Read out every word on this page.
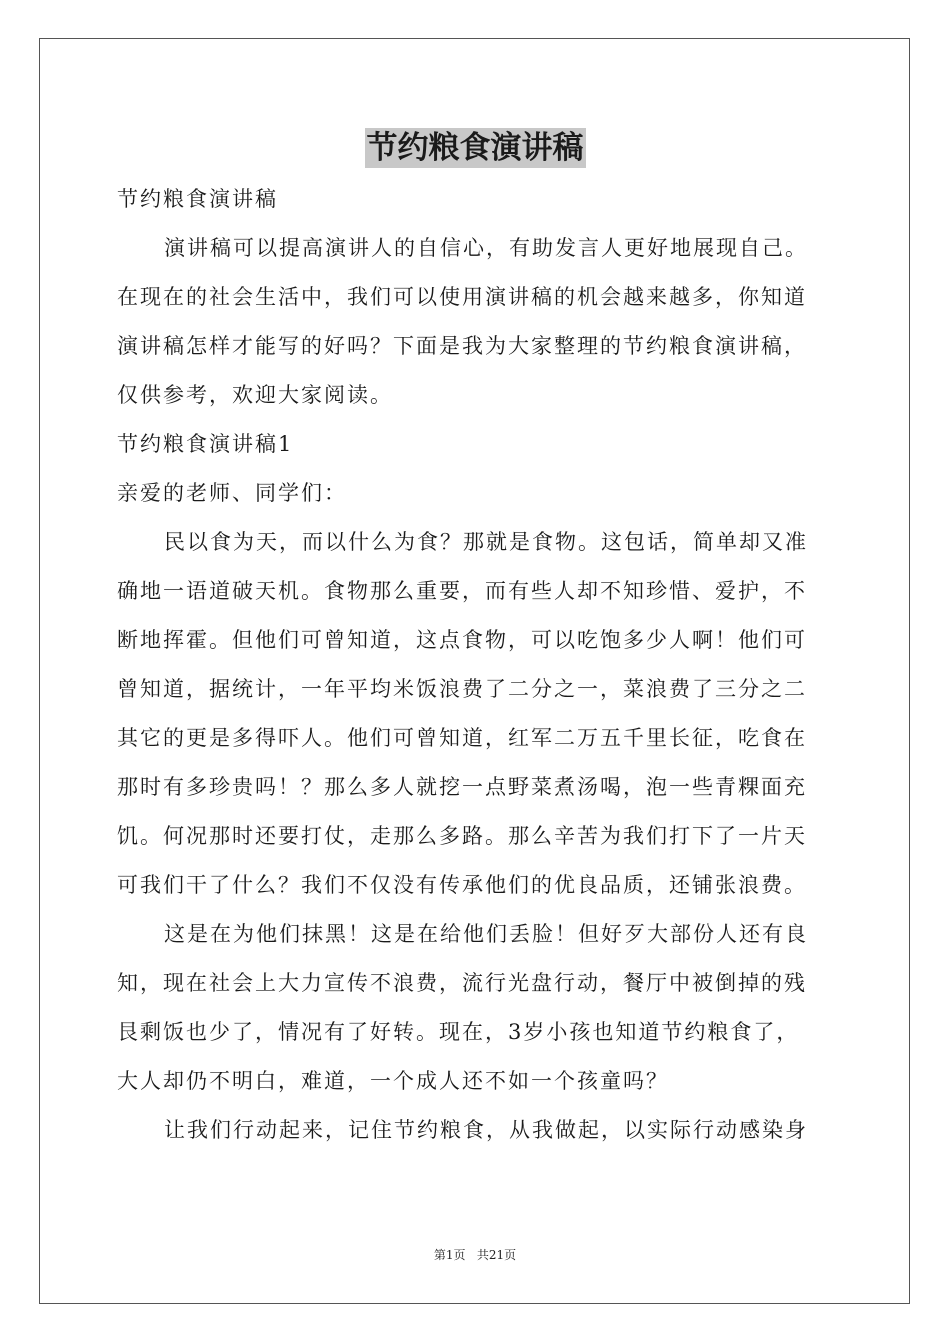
节约粮食演讲稿
节约粮食演讲稿
演讲稿可以提高演讲人的自信心，有助发言人更好地展现自己。
在现在的社会生活中，我们可以使用演讲稿的机会越来越多，你知道
演讲稿怎样才能写的好吗？下面是我为大家整理的节约粮食演讲稿，
仅供参考，欢迎大家阅读。
节约粮食演讲稿1
亲爱的老师、同学们：
民以食为天，而以什么为食？那就是食物。这包话，简单却又准
确地一语道破天机。食物那么重要，而有些人却不知珍惜、爱护，不
断地挥霍。但他们可曾知道，这点食物，可以吃饱多少人啊！他们可
曾知道，据统计，一年平均米饭浪费了二分之一，菜浪费了三分之二
其它的更是多得吓人。他们可曾知道，红军二万五千里长征，吃食在
那时有多珍贵吗！？那么多人就挖一点野菜煮汤喝，泡一些青粿面充
饥。何况那时还要打仗，走那么多路。那么辛苦为我们打下了一片天
可我们干了什么？我们不仅没有传承他们的优良品质，还铺张浪费。
这是在为他们抹黑！这是在给他们丢脸！但好歹大部份人还有良
知，现在社会上大力宣传不浪费，流行光盘行动，餐厅中被倒掉的残
艮剩饭也少了，情况有了好转。现在，3岁小孩也知道节约粮食了，
大人却仍不明白，难道，一个成人还不如一个孩童吗？
让我们行动起来，记住节约粮食，从我做起，以实际行动感染身
第1页 共21页
